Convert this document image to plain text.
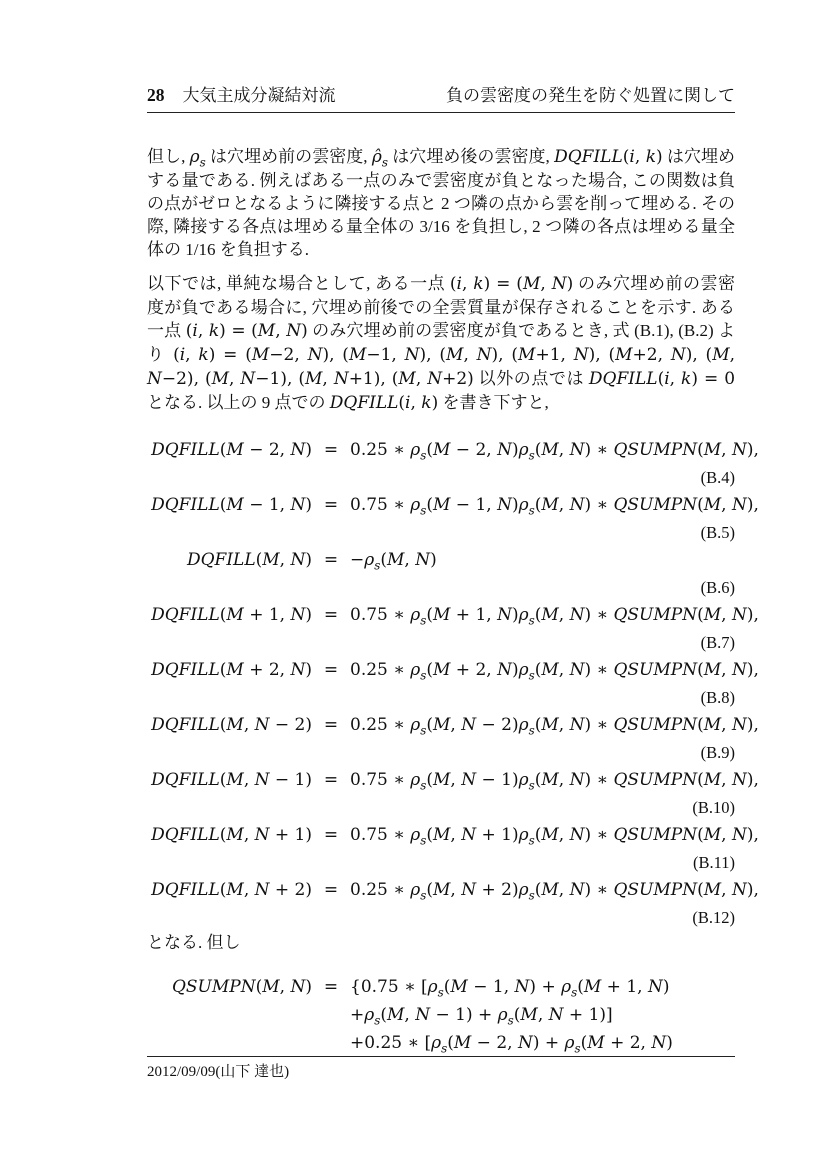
28 大気主成分凝結対流	負の雲密度の発生を防ぐ処置に関して

但し, $\rho_s$ は穴埋め前の雲密度, $\rhô_s$ は穴埋め後の雲密度, DQFILL(i, k) は穴埋めする量である. 例えばある一点のみで雲密度が負となった場合, この関数は負の点がゼロとなるように隣接する点と 2 つ隣の点から雲を削って埋める. その際, 隣接する各点は埋める量全体の 3/16 を負担し, 2 つ隣の各点は埋める量全体の 1/16 を負担する.

以下では, 単純な場合として, ある一点 (i, k) = (M, N) のみ穴埋め前の雲密度が負である場合に, 穴埋め前後での全雲質量が保存されることを示す. ある一点 (i, k) = (M, N) のみ穴埋め前の雲密度が負であるとき, 式 (B.1), (B.2) より (i, k) = (M−2, N), (M−1, N), (M, N), (M+1, N), (M+2, N), (M, N−2), (M, N−1), (M, N+1), (M, N+2) 以外の点では DQFILL(i, k) = 0 となる. 以上の 9 点での DQFILL(i, k) を書き下すと,

DQFILL(M − 2, N) = 0.25 ∗ $\rho_s(M - 2$, $N)\rho_s(M$, N) ∗ QSUMPN(M, N),
(B.4)
DQFILL(M − 1, N) = 0.75 ∗ $\rho_s(M - 1$, $N)\rho_s(M$, N) ∗ QSUMPN(M, N),
(B.5)
DQFILL(M, $N) = -\rho_s(M$, N)
(B.6)
DQFILL(M + 1, N) = 0.75 ∗ $\rho_s(M + 1$, $N)\rho_s(M$, N) ∗ QSUMPN(M, N),
(B.7)
DQFILL(M + 2, N) = 0.25 ∗ $\rho_s(M + 2$, $N)\rho_s(M$, N) ∗ QSUMPN(M, N),
(B.8)
DQFILL(M, N − 2) = 0.25 ∗ $\rho_s(M$, $N - 2)\rho_s(M$, N) ∗ QSUMPN(M, N),
(B.9)
DQFILL(M, N − 1) = 0.75 ∗ $\rho_s(M$, $N - 1)\rho_s(M$, N) ∗ QSUMPN(M, N),
(B.10)
DQFILL(M, N + 1) = 0.75 ∗ $\rho_s(M$, $N + 1)\rho_s(M$, N) ∗ QSUMPN(M, N),
(B.11)
DQFILL(M, N + 2) = 0.25 ∗ $\rho_s(M$, $N + 2)\rho_s(M$, N) ∗ QSUMPN(M, N),
(B.12)

となる. 但し

QSUMPN(M, N) = {0.75 ∗ [$\rho_s(M - 1$, $N) + \rho_s(M + 1$, N)
$+\rho_s(M$, $N - 1) + \rho_s(M$, N + 1)]
+0.25 ∗ [$\rho_s(M - 2$, $N) + \rho_s(M + 2$, N)
2012/09/09(山下 達也)
